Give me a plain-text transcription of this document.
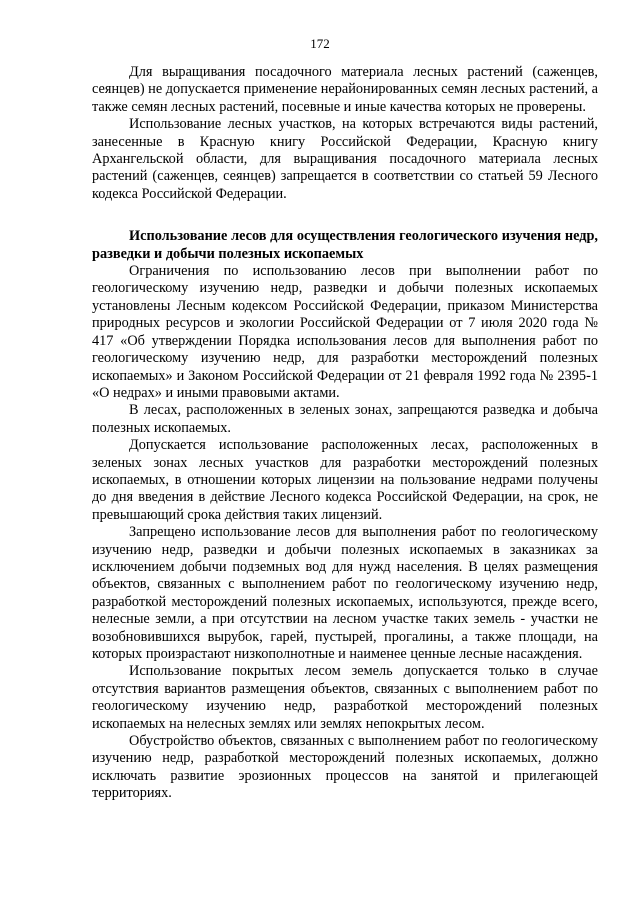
172

Для выращивания посадочного материала лесных растений (саженцев, сеянцев) не допускается применение нерайонированных семян лесных растений, а также семян лесных растений, посевные и иные качества которых не проверены.

Использование лесных участков, на которых встречаются виды растений, занесенные в Красную книгу Российской Федерации, Красную книгу Архангельской области, для выращивания посадочного материала лесных растений (саженцев, сеянцев) запрещается в соответствии со статьей 59 Лесного кодекса Российской Федерации.

Использование лесов для осуществления геологического изучения недр, разведки и добычи полезных ископаемых

Ограничения по использованию лесов при выполнении работ по геологическому изучению недр, разведки и добычи полезных ископаемых установлены Лесным кодексом Российской Федерации, приказом Министерства природных ресурсов и экологии Российской Федерации от 7 июля 2020 года № 417 «Об утверждении Порядка использования лесов для выполнения работ по геологическому изучению недр, для разработки месторождений полезных ископаемых» и Законом Российской Федерации от 21 февраля 1992 года № 2395-1 «О недрах» и иными правовыми актами.

В лесах, расположенных в зеленых зонах, запрещаются разведка и добыча полезных ископаемых.

Допускается использование расположенных лесах, расположенных в зеленых зонах лесных участков для разработки месторождений полезных ископаемых, в отношении которых лицензии на пользование недрами получены до дня введения в действие Лесного кодекса Российской Федерации, на срок, не превышающий срока действия таких лицензий.

Запрещено использование лесов для выполнения работ по геологическому изучению недр, разведки и добычи полезных ископаемых в заказниках за исключением добычи подземных вод для нужд населения. В целях размещения объектов, связанных с выполнением работ по геологическому изучению недр, разработкой месторождений полезных ископаемых, используются, прежде всего, нелесные земли, а при отсутствии на лесном участке таких земель - участки не возобновившихся вырубок, гарей, пустырей, прогалины, а также площади, на которых произрастают низкополнотные и наименее ценные лесные насаждения.

Использование покрытых лесом земель допускается только в случае отсутствия вариантов размещения объектов, связанных с выполнением работ по геологическому изучению недр, разработкой месторождений полезных ископаемых на нелесных землях или землях непокрытых лесом.

Обустройство объектов, связанных с выполнением работ по геологическому изучению недр, разработкой месторождений полезных ископаемых, должно исключать развитие эрозионных процессов на занятой и прилегающей территориях.
